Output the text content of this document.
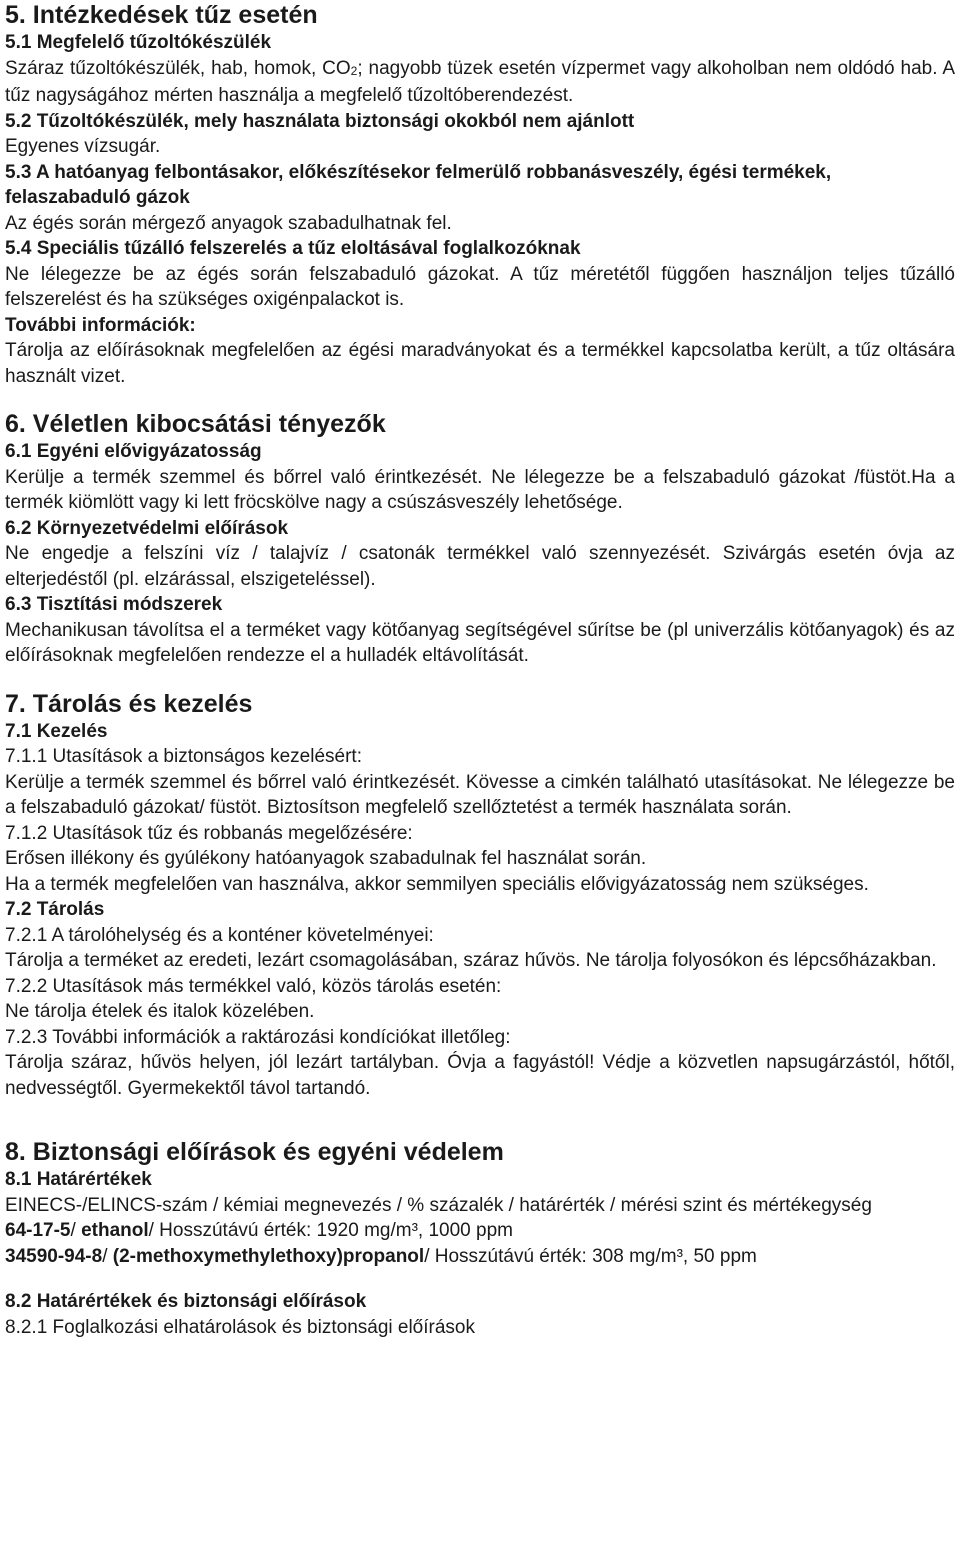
5. Intézkedések tűz esetén
5.1 Megfelelő tűzoltókészülék
Száraz tűzoltókészülék, hab, homok, $CO_2$; nagyobb tüzek esetén vízpermet vagy alkoholban nem oldódó hab. A tűz nagyságához mérten használja a megfelelő tűzoltóberendezést.
5.2 Tűzoltókészülék, mely használata biztonsági okokból nem ajánlott
Egyenes vízsugár.
5.3 A hatóanyag felbontásakor, előkészítésekor felmerülő robbanásveszély, égési termékek, felaszabaduló gázok
Az égés során mérgező anyagok szabadulhatnak fel.
5.4 Speciális tűzálló felszerelés a tűz eloltásával foglalkozóknak
Ne lélegezze be az égés során felszabaduló gázokat. A tűz méretétől függően használjon teljes tűzálló felszerelést és ha szükséges oxigénpalackot is.
További információk:
Tárolja az előírásoknak megfelelően az égési maradványokat és a termékkel kapcsolatba került, a tűz oltására használt vizet.
6. Véletlen kibocsátási tényezők
6.1 Egyéni elővigyázatosság
Kerülje a termék szemmel és bőrrel való érintkezését. Ne lélegezze be a felszabaduló gázokat /füstöt.Ha a termék kiömlött vagy ki lett fröcskölve nagy a csúszásveszély lehetősége.
6.2 Környezetvédelmi előírások
Ne engedje a felszíni víz / talajvíz / csatonák termékkel való szennyezését. Szivárgás esetén óvja az elterjedéstől (pl. elzárással, elszigeteléssel).
6.3 Tisztítási módszerek
Mechanikusan távolítsa el a terméket vagy kötőanyag segítségével sűrítse be (pl univerzális kötőanyagok) és az előírásoknak megfelelően rendezze el a hulladék eltávolítását.
7. Tárolás és kezelés
7.1 Kezelés
7.1.1 Utasítások a biztonságos kezelésért:
Kerülje a termék szemmel és bőrrel való érintkezését. Kövesse a cimkén található utasításokat. Ne lélegezze be a felszabaduló gázokat/ füstöt. Biztosítson megfelelő szellőztetést a termék használata során.
7.1.2 Utasítások tűz és robbanás megelőzésére:
Erősen illékony és gyúlékony hatóanyagok szabadulnak fel használat során.
Ha a termék megfelelően van használva, akkor semmilyen speciális elővigyázatosság nem szükséges.
7.2 Tárolás
7.2.1 A tárolóhelység és a konténer követelményei:
Tárolja a terméket az eredeti, lezárt csomagolásában, száraz hűvös. Ne tárolja folyosókon és lépcsőházakban.
7.2.2 Utasítások más termékkel való, közös tárolás esetén:
Ne tárolja ételek és italok közelében.
7.2.3 További információk a raktározási kondíciókat illetőleg:
Tárolja száraz, hűvös helyen, jól lezárt tartályban. Óvja a fagyástól! Védje a közvetlen napsugárzástól, hőtől, nedvességtől. Gyermekektől távol tartandó.
8. Biztonsági előírások és egyéni védelem
8.1 Határértékek
EINECS-/ELINCS-szám / kémiai megnevezés / % százalék / határérték / mérési szint és mértékegység
64-17-5/ ethanol/ Hosszútávú érték: 1920 mg/m³, 1000 ppm
34590-94-8/ (2-methoxymethylethoxy)propanol/ Hosszútávú érték: 308 mg/m³, 50 ppm
8.2 Határértékek és biztonsági előírások
8.2.1 Foglalkozási elhatárolások és biztonsági előírások
